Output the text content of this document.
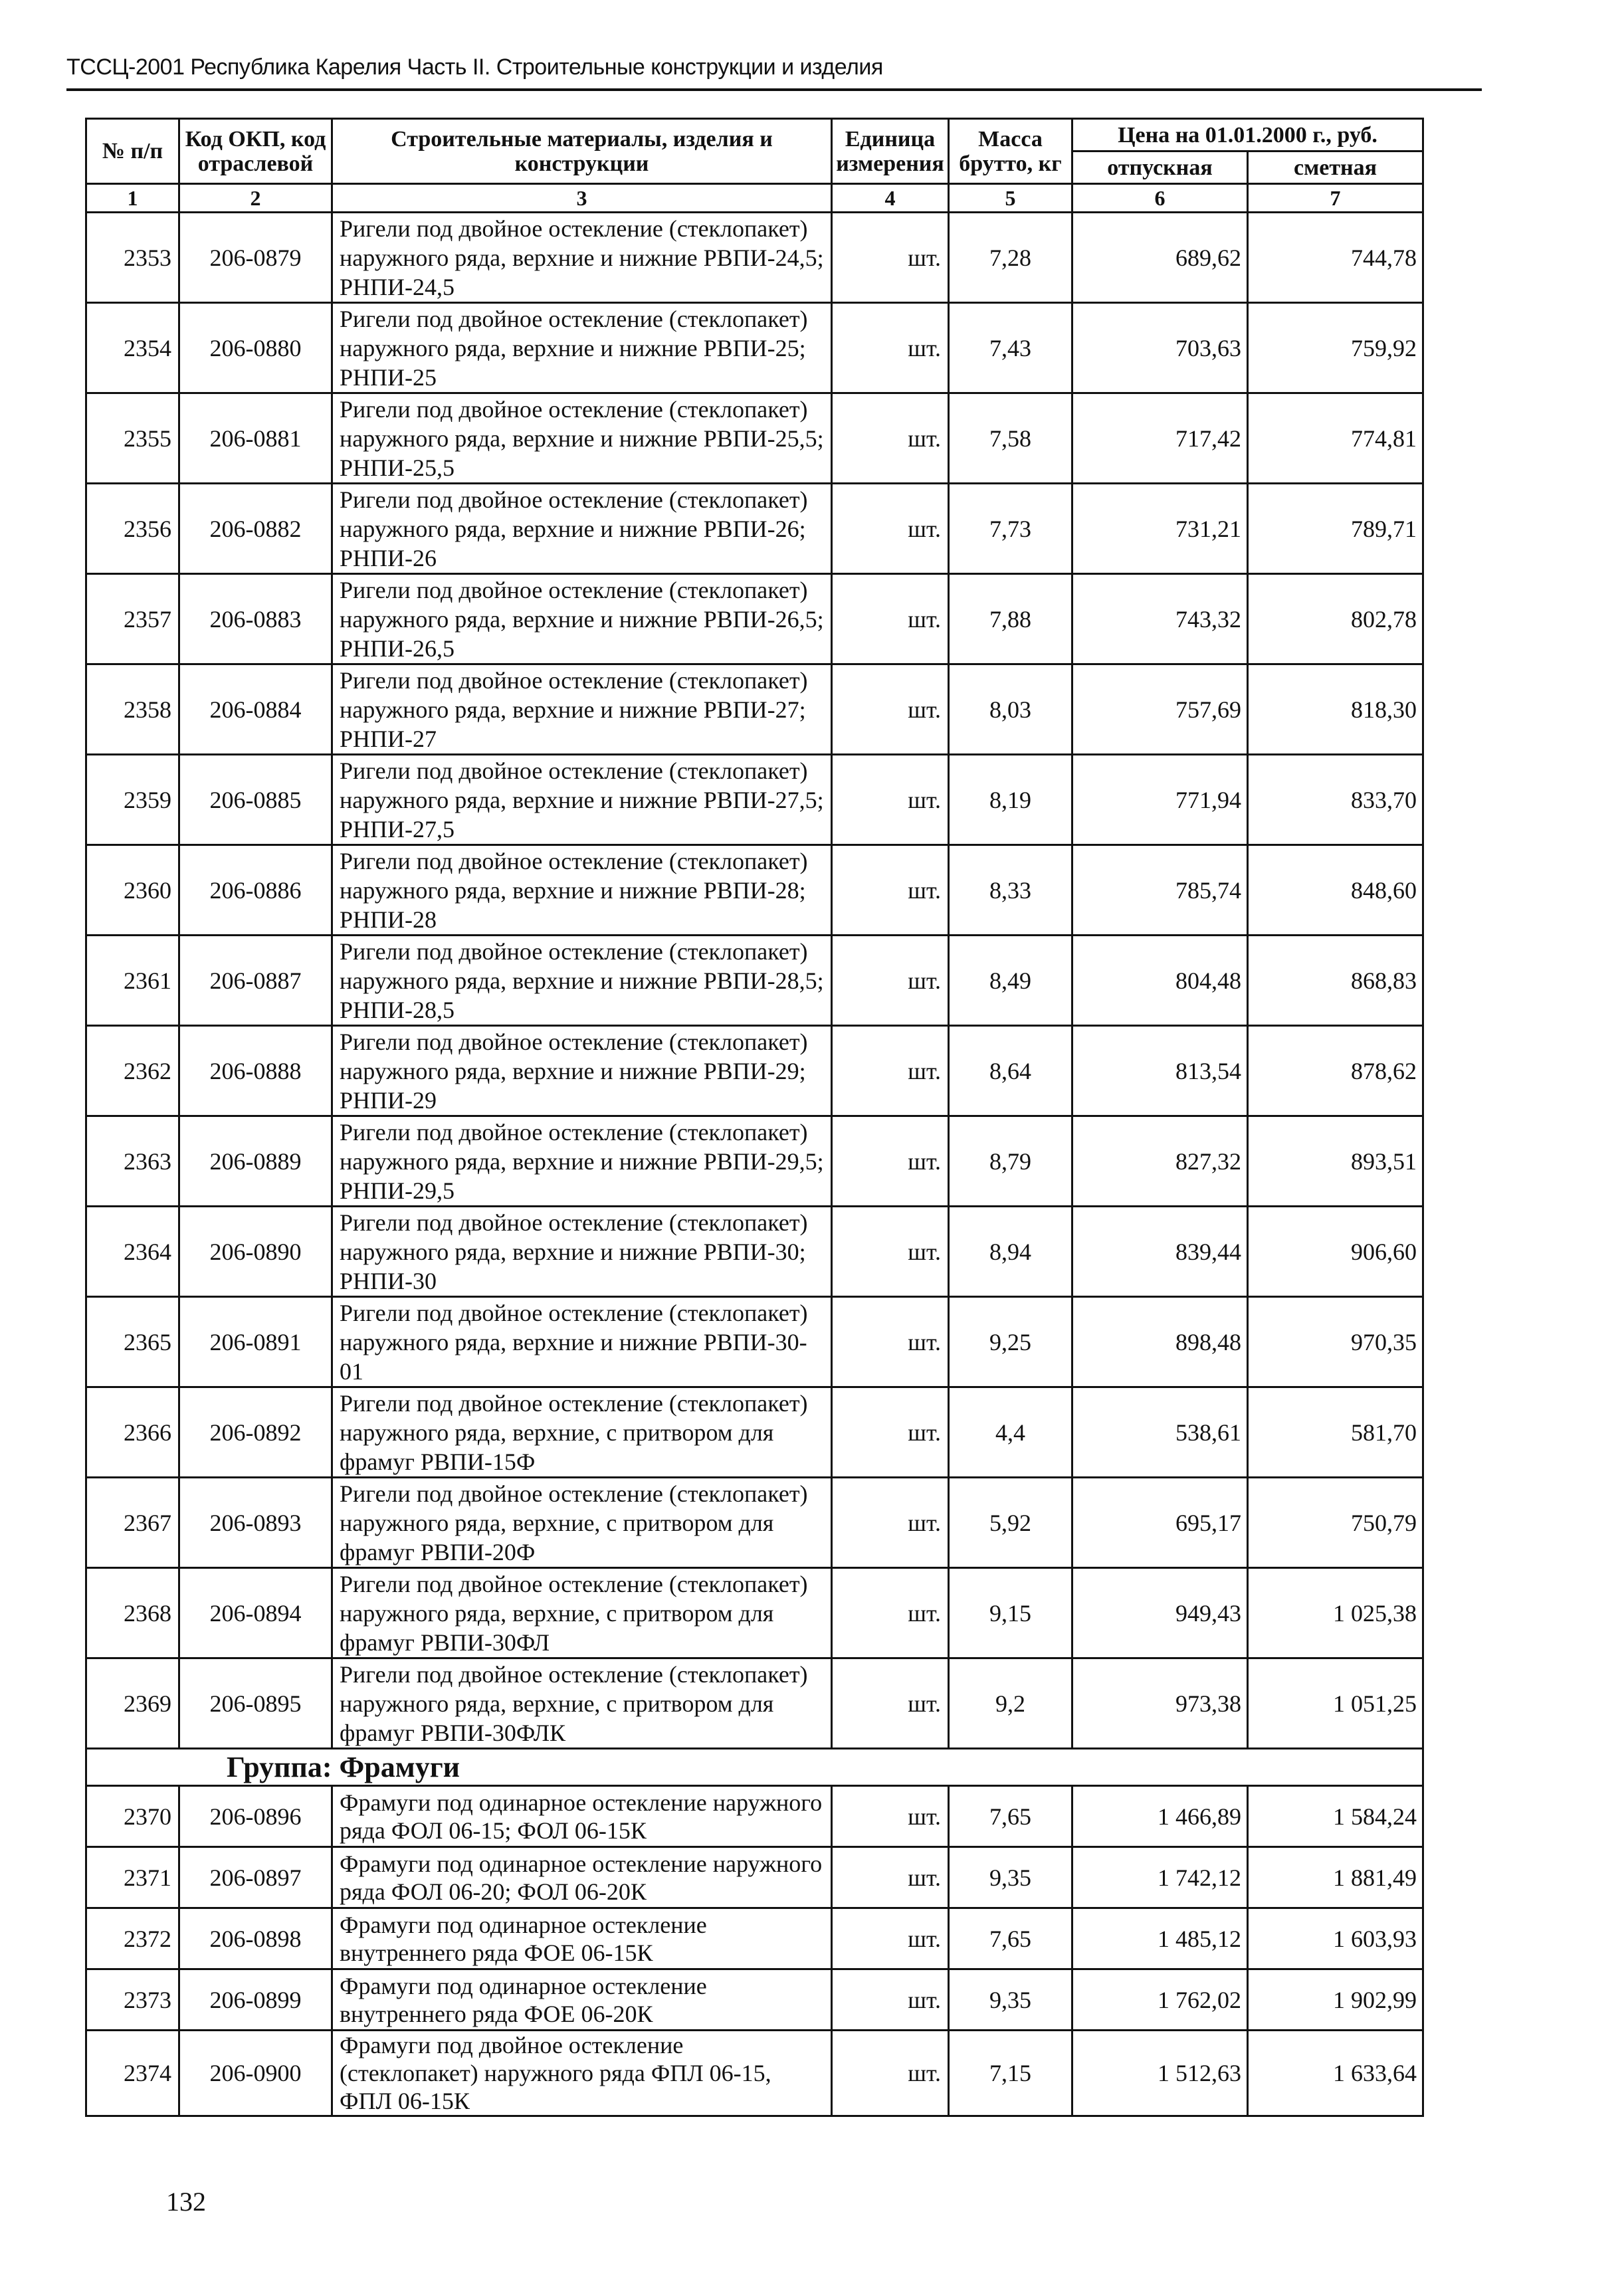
ТССЦ-2001 Республика Карелия Часть II. Строительные конструкции и изделия
№ п/п	Код ОКП, код отраслевой	Строительные материалы, изделия и конструкции	Единица измерения	Масса брутто, кг	Цена на 01.01.2000 г., руб.	
					отпускная	сметная
1	2	3	4	5	6	7
2353	206-0879	Ригели под двойное остекление (стеклопакет) наружного ряда, верхние и нижние РВПИ-24,5; РНПИ-24,5	шт.	7,28	689,62	744,78
2354	206-0880	Ригели под двойное остекление (стеклопакет) наружного ряда, верхние и нижние РВПИ-25; РНПИ-25	шт.	7,43	703,63	759,92
2355	206-0881	Ригели под двойное остекление (стеклопакет) наружного ряда, верхние и нижние РВПИ-25,5; РНПИ-25,5	шт.	7,58	717,42	774,81
2356	206-0882	Ригели под двойное остекление (стеклопакет) наружного ряда, верхние и нижние РВПИ-26; РНПИ-26	шт.	7,73	731,21	789,71
2357	206-0883	Ригели под двойное остекление (стеклопакет) наружного ряда, верхние и нижние РВПИ-26,5; РНПИ-26,5	шт.	7,88	743,32	802,78
2358	206-0884	Ригели под двойное остекление (стеклопакет) наружного ряда, верхние и нижние РВПИ-27; РНПИ-27	шт.	8,03	757,69	818,30
2359	206-0885	Ригели под двойное остекление (стеклопакет) наружного ряда, верхние и нижние РВПИ-27,5; РНПИ-27,5	шт.	8,19	771,94	833,70
2360	206-0886	Ригели под двойное остекление (стеклопакет) наружного ряда, верхние и нижние РВПИ-28; РНПИ-28	шт.	8,33	785,74	848,60
2361	206-0887	Ригели под двойное остекление (стеклопакет) наружного ряда, верхние и нижние РВПИ-28,5; РНПИ-28,5	шт.	8,49	804,48	868,83
2362	206-0888	Ригели под двойное остекление (стеклопакет) наружного ряда, верхние и нижние РВПИ-29; РНПИ-29	шт.	8,64	813,54	878,62
2363	206-0889	Ригели под двойное остекление (стеклопакет) наружного ряда, верхние и нижние РВПИ-29,5; РНПИ-29,5	шт.	8,79	827,32	893,51
2364	206-0890	Ригели под двойное остекление (стеклопакет) наружного ряда, верхние и нижние РВПИ-30; РНПИ-30	шт.	8,94	839,44	906,60
2365	206-0891	Ригели под двойное остекление (стеклопакет) наружного ряда, верхние и нижние РВПИ-30-01	шт.	9,25	898,48	970,35
2366	206-0892	Ригели под двойное остекление (стеклопакет) наружного ряда, верхние, с притвором для фрамуг РВПИ-15Ф	шт.	4,4	538,61	581,70
2367	206-0893	Ригели под двойное остекление (стеклопакет) наружного ряда, верхние, с притвором для фрамуг РВПИ-20Ф	шт.	5,92	695,17	750,79
2368	206-0894	Ригели под двойное остекление (стеклопакет) наружного ряда, верхние, с притвором для фрамуг РВПИ-30ФЛ	шт.	9,15	949,43	1 025,38
2369	206-0895	Ригели под двойное остекление (стеклопакет) наружного ряда, верхние, с притвором для фрамуг РВПИ-30ФЛК	шт.	9,2	973,38	1 051,25
Группа: Фрамуги						
2370	206-0896	Фрамуги под одинарное остекление наружного ряда ФОЛ 06-15; ФОЛ 06-15К	шт.	7,65	1 466,89	1 584,24
2371	206-0897	Фрамуги под одинарное остекление наружного ряда ФОЛ 06-20; ФОЛ 06-20К	шт.	9,35	1 742,12	1 881,49
2372	206-0898	Фрамуги под одинарное остекление внутреннего ряда ФОЕ 06-15К	шт.	7,65	1 485,12	1 603,93
2373	206-0899	Фрамуги под одинарное остекление внутреннего ряда ФОЕ 06-20К	шт.	9,35	1 762,02	1 902,99
2374	206-0900	Фрамуги под двойное остекление (стеклопакет) наружного ряда ФПЛ 06-15, ФПЛ 06-15К	шт.	7,15	1 512,63	1 633,64
132
